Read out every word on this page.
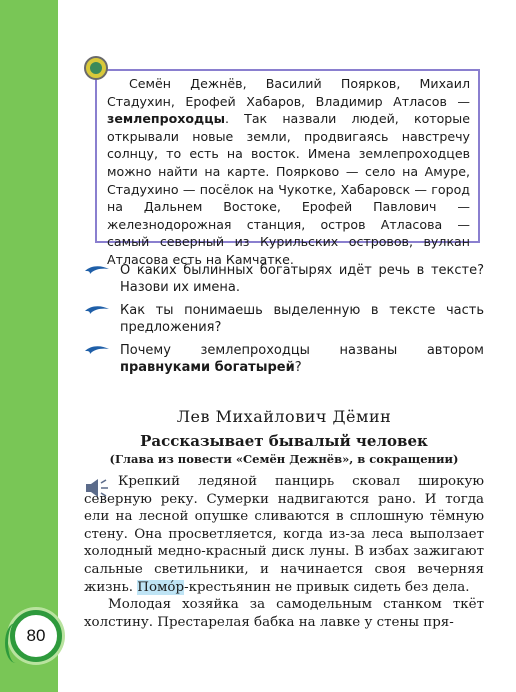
80

Семён Дежнёв, Василий Поярков, Михаил Стадухин, Ерофей Хабаров, Владимир Атласов — землепроходцы. Так назвали людей, которые открывали новые земли, продвигаясь навстречу солнцу, то есть на восток. Имена землепроходцев можно найти на карте. Поярково — село на Амуре, Стадухино — посёлок на Чукотке, Хабаровск — город на Дальнем Востоке, Ерофей Павлович — железнодорожная станция, остров Атласова — самый северный из Курильских островов, вулкан Атласова есть на Камчатке.

О каких былинных богатырях идёт речь в тексте? Назови их имена.
Как ты понимаешь выделенную в тексте часть предложения?
Почему землепроходцы названы автором правнуками богатырей?
Лев Михайлович Дёмин
Рассказывает бывалый человек
(Глава из повести «Семён Дежнёв», в сокращении)

Крепкий ледяной панцирь сковал широкую северную реку. Сумерки надвигаются рано. И тогда ели на лесной опушке сливаются в сплошную тёмную стену. Она просветляется, когда из-за леса выползает холодный медно-красный диск луны. В избах зажигают сальные светильники, и начинается своя вечерняя жизнь. Помóр-крестьянин не привык сидеть без дела.

Молодая хозяйка за самодельным станком ткёт холстину. Престарелая бабка на лавке у стены пря-
